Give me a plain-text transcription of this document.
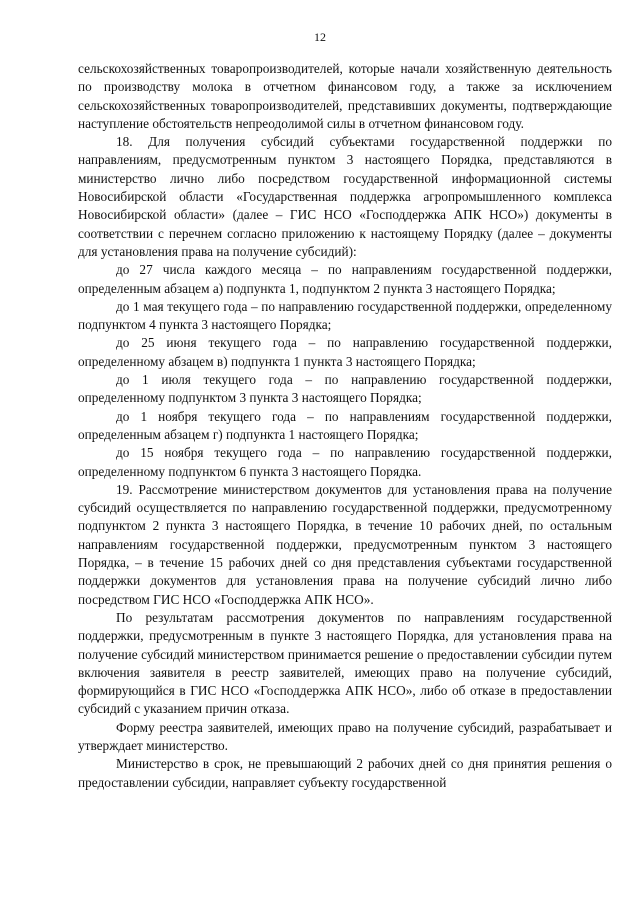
12

сельскохозяйственных товаропроизводителей, которые начали хозяйственную деятельность по производству молока в отчетном финансовом году, а также за исключением сельскохозяйственных товаропроизводителей, представивших документы, подтверждающие наступление обстоятельств непреодолимой силы в отчетном финансовом году.

18. Для получения субсидий субъектами государственной поддержки по направлениям, предусмотренным пунктом 3 настоящего Порядка, представляются в министерство лично либо посредством государственной информационной системы Новосибирской области «Государственная поддержка агропромышленного комплекса Новосибирской области» (далее – ГИС НСО «Господдержка АПК НСО») документы в соответствии с перечнем согласно приложению к настоящему Порядку (далее – документы для установления права на получение субсидий):

до 27 числа каждого месяца – по направлениям государственной поддержки, определенным абзацем а) подпункта 1, подпунктом 2 пункта 3 настоящего Порядка;

до 1 мая текущего года – по направлению государственной поддержки, определенному подпунктом 4 пункта 3 настоящего Порядка;

до 25 июня текущего года – по направлению государственной поддержки, определенному абзацем в) подпункта 1 пункта 3 настоящего Порядка;

до 1 июля текущего года – по направлению государственной поддержки, определенному подпунктом 3 пункта 3 настоящего Порядка;

до 1 ноября текущего года – по направлениям государственной поддержки, определенным абзацем г) подпункта 1 настоящего Порядка;

до 15 ноября текущего года – по направлению государственной поддержки, определенному подпунктом 6 пункта 3 настоящего Порядка.

19. Рассмотрение министерством документов для установления права на получение субсидий осуществляется по направлению государственной поддержки, предусмотренному подпунктом 2 пункта 3 настоящего Порядка, в течение 10 рабочих дней, по остальным направлениям государственной поддержки, предусмотренным пунктом 3 настоящего Порядка, – в течение 15 рабочих дней со дня представления субъектами государственной поддержки документов для установления права на получение субсидий лично либо посредством ГИС НСО «Господдержка АПК НСО».

По результатам рассмотрения документов по направлениям государственной поддержки, предусмотренным в пункте 3 настоящего Порядка, для установления права на получение субсидий министерством принимается решение о предоставлении субсидии путем включения заявителя в реестр заявителей, имеющих право на получение субсидий, формирующийся в ГИС НСО «Господдержка АПК НСО», либо об отказе в предоставлении субсидий с указанием причин отказа.

Форму реестра заявителей, имеющих право на получение субсидий, разрабатывает и утверждает министерство.

Министерство в срок, не превышающий 2 рабочих дней со дня принятия решения о предоставлении субсидии, направляет субъекту государственной
